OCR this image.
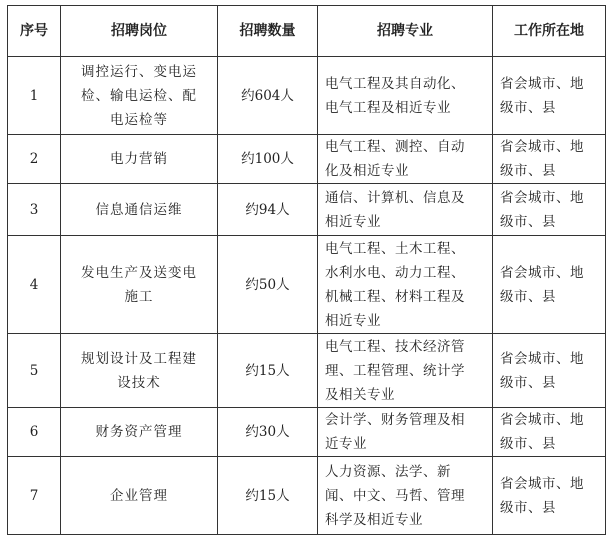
序号	招聘岗位	招聘数量	招聘专业	工作所在地
1	调控运行、变电运
检、输电运检、配
电运检等	约604人	电气工程及其自动化、
电气工程及相近专业	省会城市、地
级市、县

2	电力营销	约100人	电气工程、测控、自动
化及相近专业	省会城市、地
级市、县

3	信息通信运维	约94人	通信、计算机、信息及
相近专业	省会城市、地
级市、县

4	发电生产及送变电
施工	约50人	电气工程、土木工程、
水利水电、动力工程、
机械工程、材料工程及
相近专业	省会城市、地
级市、县

5	规划设计及工程建
设技术	约15人	电气工程、技术经济管
理、工程管理、统计学
及相关专业	省会城市、地
级市、县

6	财务资产管理	约30人	会计学、财务管理及相
近专业	省会城市、地
级市、县

7	企业管理	约15人	人力资源、法学、新
闻、中文、马哲、管理
科学及相近专业	省会城市、地
级市、县
